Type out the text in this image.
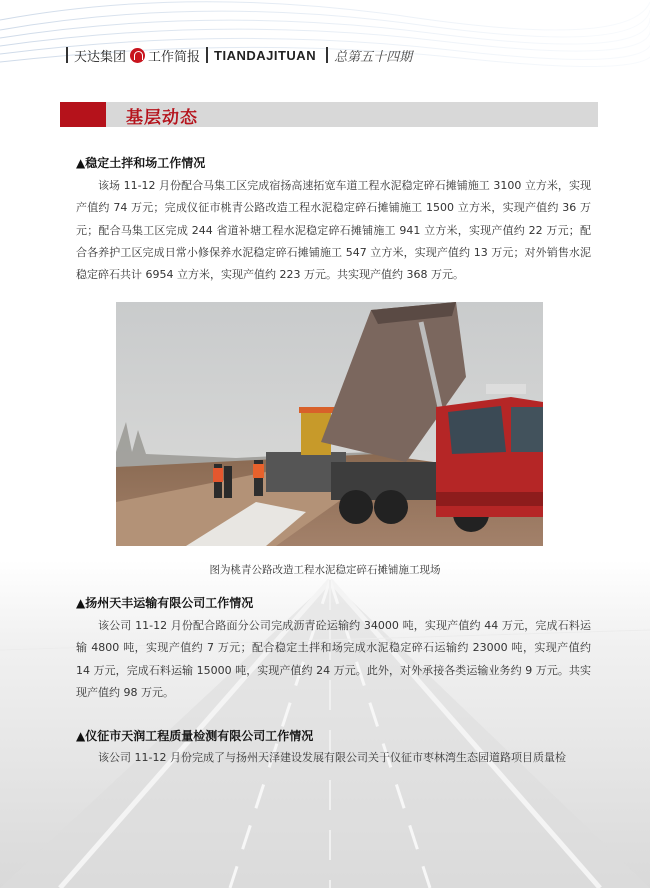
天达集团 工作简报 TIANDAJITUAN 总第五十四期
基层动态
▲稳定土拌和场工作情况

该场 11-12 月份配合马集工区完成宿扬高速拓宽车道工程水泥稳定碎石摊铺施工 3100 立方米，实现产值约 74 万元；完成仪征市桃青公路改造工程水泥稳定碎石摊铺施工 1500 立方米，实现产值约 36 万元；配合马集工区完成 244 省道补塘工程水泥稳定碎石摊铺施工 941 立方米，实现产值约 22 万元；配合各养护工区完成日常小修保养水泥稳定碎石摊铺施工 547 立方米，实现产值约 13 万元；对外销售水泥稳定碎石共计 6954 立方米，实现产值约 223 万元。共实现产值约 368 万元。

图为桃青公路改造工程水泥稳定碎石摊铺施工现场
▲扬州天丰运输有限公司工作情况

该公司 11-12 月份配合路面分公司完成沥青砼运输约 34000 吨，实现产值约 44 万元，完成石料运输 4800 吨，实现产值约 7 万元；配合稳定土拌和场完成水泥稳定碎石运输约 23000 吨，实现产值约 14 万元，完成石料运输 15000 吨，实现产值约 24 万元。此外，对外承接各类运输业务约 9 万元。共实现产值约 98 万元。

▲仪征市天润工程质量检测有限公司工作情况

该公司 11-12 月份完成了与扬州天泽建设发展有限公司关于仪征市枣林湾生态园道路项目质量检
